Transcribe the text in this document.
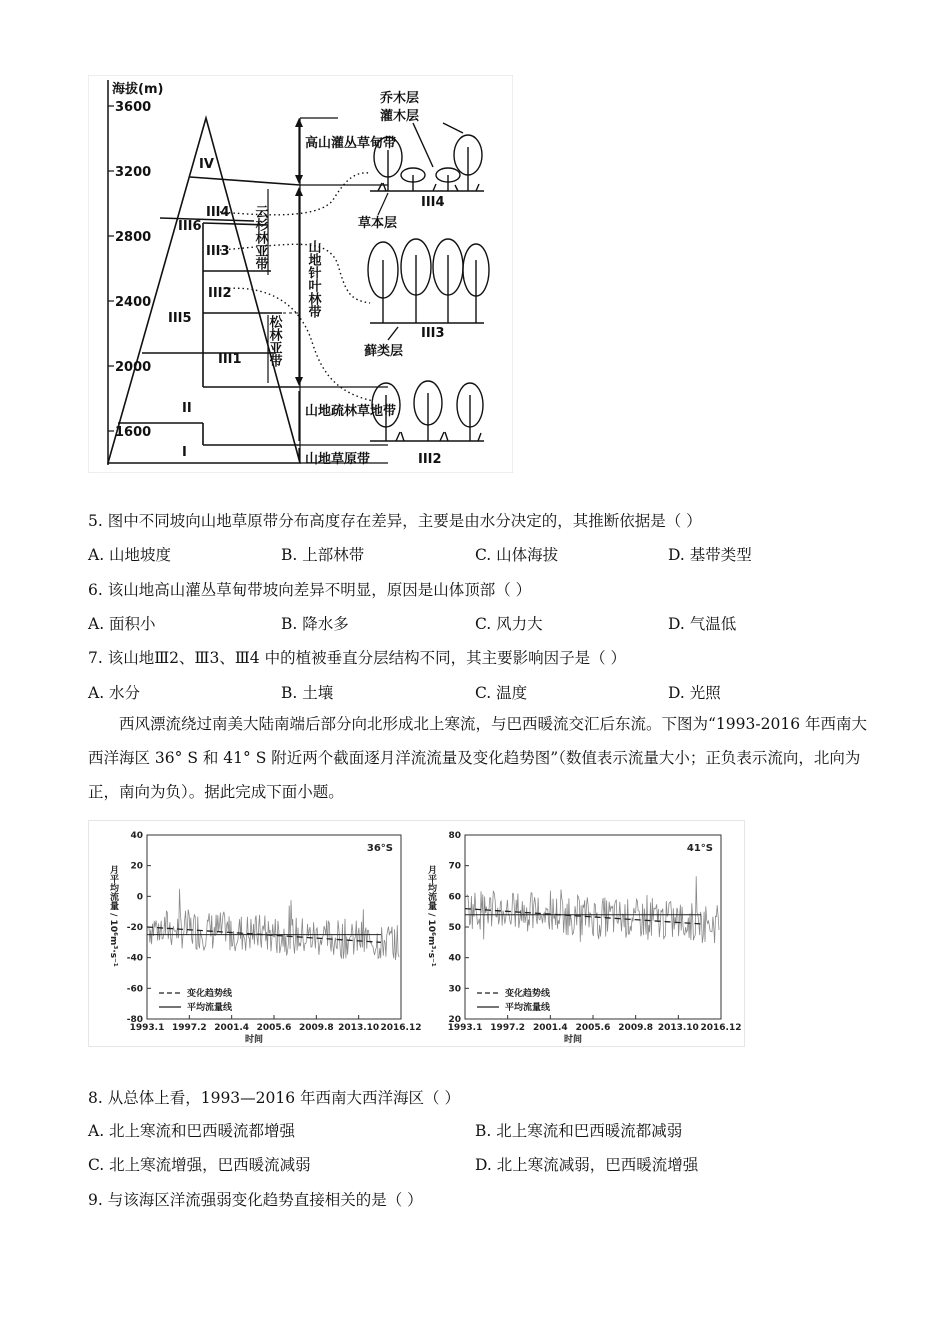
海拔(m)
3600
3200
2800
2400
2000
1600
IV
III6
III4
III3
III2
III5
III1
II
I
高山灌丛草甸带
云杉林亚带
山地针叶林带
松林亚带
山地疏林草地带
山地草原带
乔木层
灌木层
草本层
III4
藓类层
III3
III2
5. 图中不同坡向山地草原带分布高度存在差异，主要是由水分决定的，其推断依据是（ ）
A. 山地坡度	B. 上部林带	C. 山体海拔	D. 基带类型
6. 该山地高山灌丛草甸带坡向差异不明显，原因是山体顶部（ ）
A. 面积小	B. 降水多	C. 风力大	D. 气温低
7. 该山地Ⅲ2、Ⅲ3、Ⅲ4 中的植被垂直分层结构不同，其主要影响因子是（ ）
A. 水分	B. 土壤	C. 温度	D. 光照
西风漂流绕过南美大陆南端后部分向北形成北上寒流，与巴西暖流交汇后东流。下图为“1993-2016 年西南大西洋海区 36° S 和 41° S 附近两个截面逐月洋流流量及变化趋势图”（数值表示流量大小；正负表示流向，北向为正，南向为负）。据此完成下面小题。
40
20
0
-20
-40
-60
-80
1993.1 1997.2 2001.4 2005.6 2009.8 2013.10 2016.12
时间
36°S
月平均流量 / 10⁶m³·s⁻¹
变化趋势线
平均流量线
80
70
60
50
40
30
20
1993.1 1997.2 2001.4 2005.6 2009.8 2013.10 2016.12
时间
41°S
月平均流量 / 10⁶m³·s⁻¹
变化趋势线
平均流量线
8. 从总体上看，1993—2016 年西南大西洋海区（ ）
A. 北上寒流和巴西暖流都增强	B. 北上寒流和巴西暖流都减弱
C. 北上寒流增强，巴西暖流减弱	D. 北上寒流减弱，巴西暖流增强
9. 与该海区洋流强弱变化趋势直接相关的是（ ）
